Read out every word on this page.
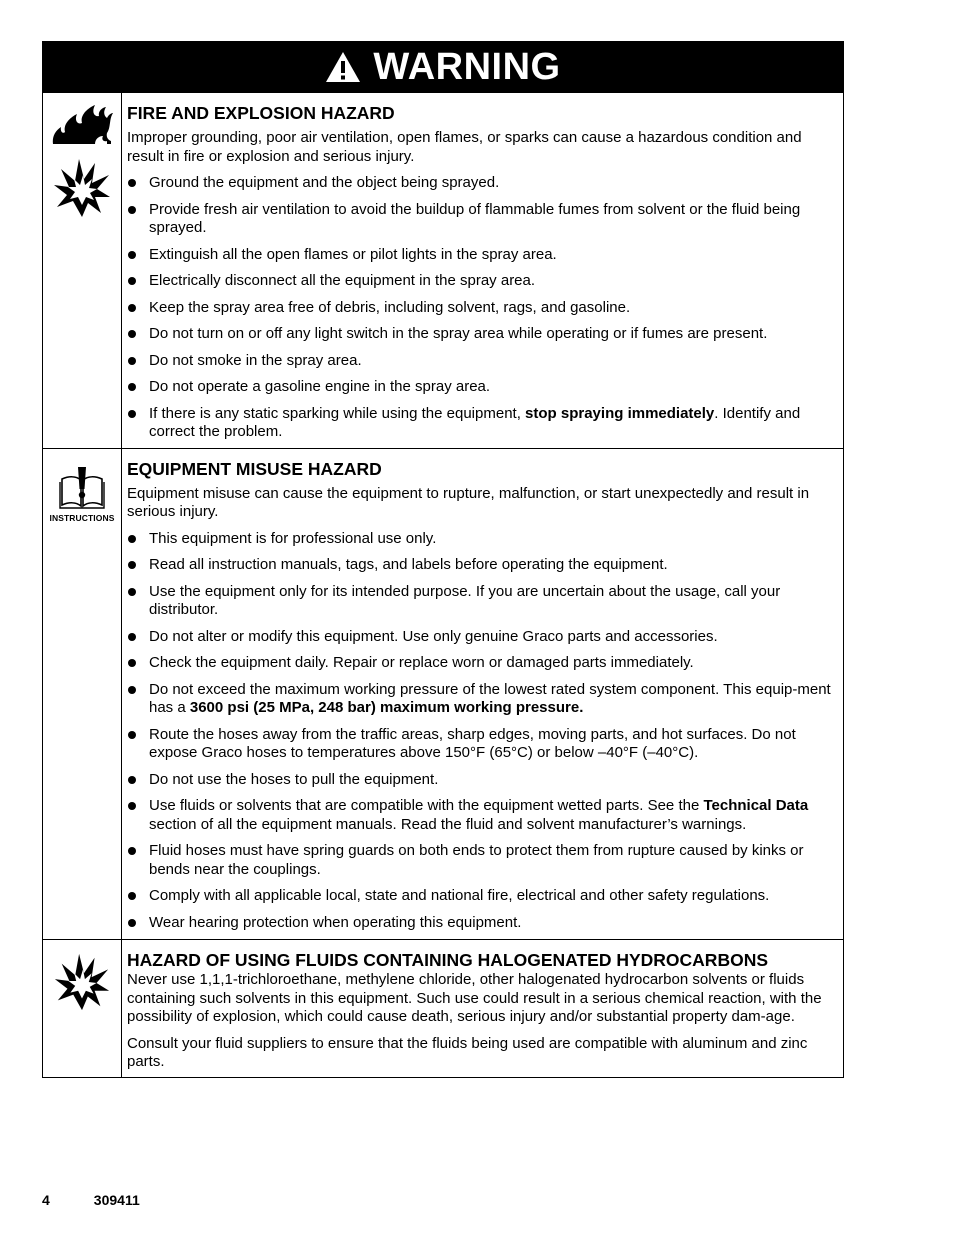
WARNING
FIRE AND EXPLOSION HAZARD

Improper grounding, poor air ventilation, open flames, or sparks can cause a hazardous condition and result in fire or explosion and serious injury.

Ground the equipment and the object being sprayed.
Provide fresh air ventilation to avoid the buildup of flammable fumes from solvent or the fluid being sprayed.
Extinguish all the open flames or pilot lights in the spray area.
Electrically disconnect all the equipment in the spray area.
Keep the spray area free of debris, including solvent, rags, and gasoline.
Do not turn on or off any light switch in the spray area while operating or if fumes are present.
Do not smoke in the spray area.
Do not operate a gasoline engine in the spray area.
If there is any static sparking while using the equipment, stop spraying immediately. Identify and correct the problem.
INSTRUCTIONS
EQUIPMENT MISUSE HAZARD

Equipment misuse can cause the equipment to rupture, malfunction, or start unexpectedly and result in serious injury.

This equipment is for professional use only.
Read all instruction manuals, tags, and labels before operating the equipment.
Use the equipment only for its intended purpose. If you are uncertain about the usage, call your distributor.
Do not alter or modify this equipment. Use only genuine Graco parts and accessories.
Check the equipment daily. Repair or replace worn or damaged parts immediately.
Do not exceed the maximum working pressure of the lowest rated system component. This equip-ment has a 3600 psi (25 MPa, 248 bar) maximum working pressure.
Route the hoses away from the traffic areas, sharp edges, moving parts, and hot surfaces. Do not expose Graco hoses to temperatures above 150°F (65°C) or below –40°F (–40°C).
Do not use the hoses to pull the equipment.
Use fluids or solvents that are compatible with the equipment wetted parts. See the Technical Data section of all the equipment manuals. Read the fluid and solvent manufacturer’s warnings.
Fluid hoses must have spring guards on both ends to protect them from rupture caused by kinks or bends near the couplings.
Comply with all applicable local, state and national fire, electrical and other safety regulations.
Wear hearing protection when operating this equipment.
HAZARD OF USING FLUIDS CONTAINING HALOGENATED HYDROCARBONS

Never use 1,1,1-trichloroethane, methylene chloride, other halogenated hydrocarbon solvents or fluids containing such solvents in this equipment. Such use could result in a serious chemical reaction, with the possibility of explosion, which could cause death, serious injury and/or substantial property dam-age.

Consult your fluid suppliers to ensure that the fluids being used are compatible with aluminum and zinc parts.

4	309411
